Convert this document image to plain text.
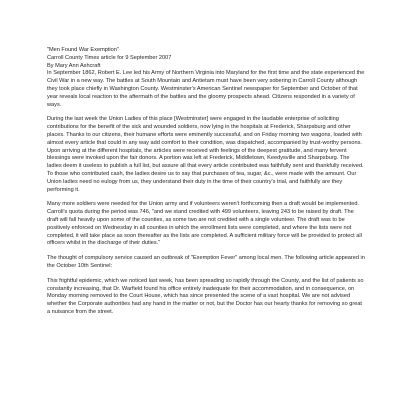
"Men Found War Exemption"
Carroll County Times article for 9 September 2007
By Mary Ann Ashcraft

In September 1862, Robert E. Lee led his Army of Northern Virginia into Maryland for the first time and the state experienced the Civil War in a new way. The battles at South Mountain and Antietam must have been very sobering in Carroll County although they took place chiefly in Washington County. Westminster's American Sentinel newspaper for September and October of that year reveals local reaction to the aftermath of the battles and the gloomy prospects ahead. Citizens responded in a variety of ways.

During the last week the Union Ladies of this place [Westminster] were engaged in the laudable enterprise of soliciting contributions for the benefit of the sick and wounded soldiers, now lying in the hospitals at Frederick, Sharpsburg and other places. Thanks to our citizens, their humane efforts were eminently successful, and on Friday morning two wagons, loaded with almost every article that could in any way add comfort to their condition, was dispatched, accompanied by trust-worthy persons. Upon arriving at the different hospitals, the articles were received with feelings of the deepest gratitude, and many fervent blessings were invoked upon the fair donors. A portion was left at Frederick, Middletown, Keedysville and Sharpsburg. The ladies deem it useless to publish a full list, but assure all that every article contributed was faithfully sent and thankfully received. To those who contributed cash, the ladies desire us to say that purchases of tea, sugar, &c., were made with the amount. Our Union ladies need no eulogy from us, they understand their duty in the time of their country's trial, and faithfully are they performing it.

Many more soldiers were needed for the Union army and if volunteers weren't forthcoming then a draft would be implemented. Carroll's quota during the period was 746, "and we stand credited with 499 volunteers, leaving 243 to be raised by draft. The draft will fall heavily upon some of the counties, as some two are not credited with a single volunteer. The draft was to be positively enforced on Wednesday in all counties in which the enrollment lists were completed, and where the lists were not completed, it will take place as soon thereafter as the lists are completed. A sufficient military force will be provided to protect all officers whilst in the discharge of their duties."

The thought of compulsory service caused an outbreak of "Exemption Fever" among local men. The following article appeared in the October 10th Sentinel:

This frightful epidemic, which we noticed last week, has been spreading so rapidly through the County, and the list of patients so constantly increasing, that Dr. Warfield found his office entirely inadequate for their accommodation, and in consequence, on Monday morning removed to the Court House, which has since presented the scene of a vast hospital. We are not advised whether the Corporate authorities had any hand in the matter or not, but the Doctor has our hearty thanks for removing so great a nuisance from the street.
